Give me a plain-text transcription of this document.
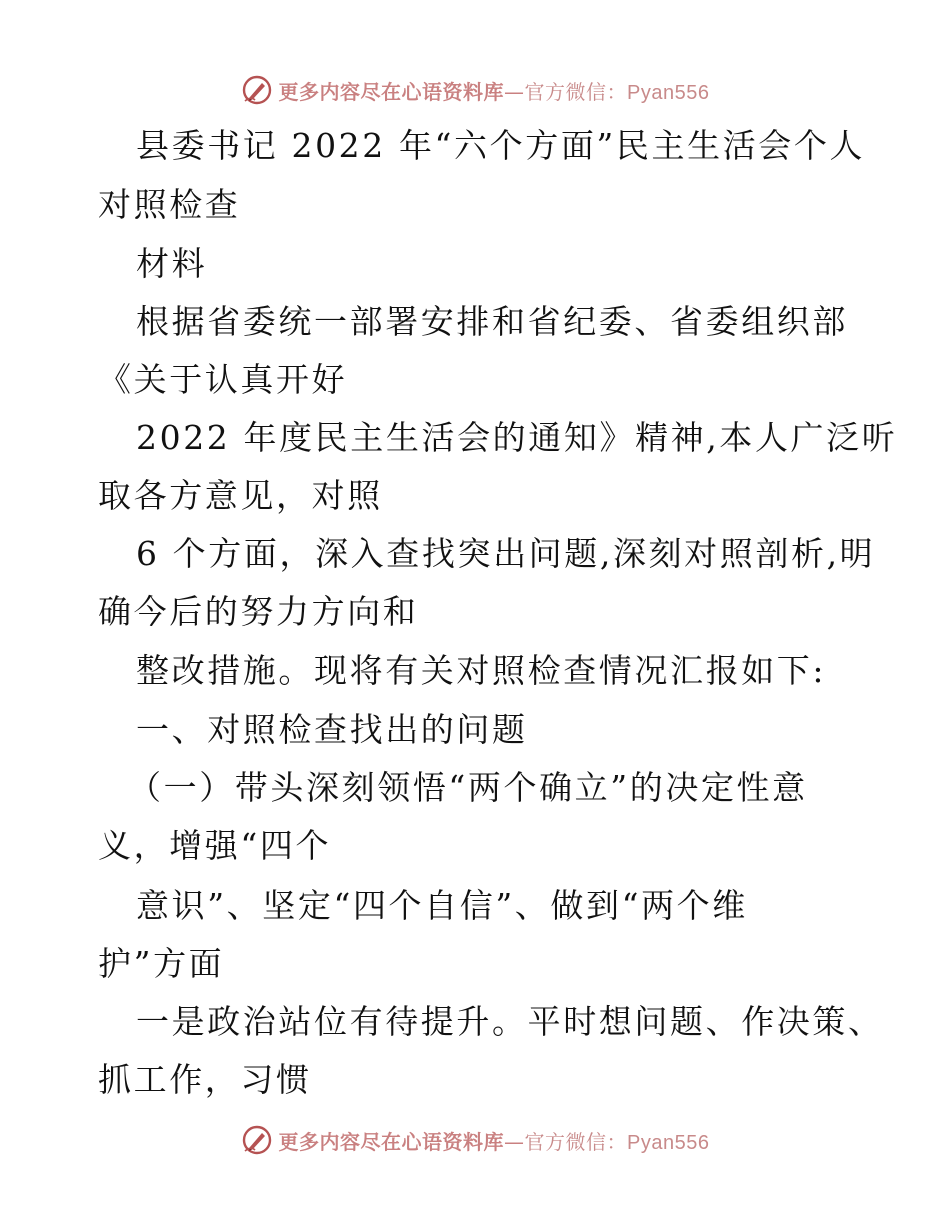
更多内容尽在心语资料库—官方微信：Pyan556
县委书记 2022 年“六个方面”民主生活会个人
对照检查
材料
根据省委统一部署安排和省纪委、省委组织部
《关于认真开好
2022 年度民主生活会的通知》精神,本人广泛听
取各方意见，对照
6 个方面，深入查找突出问题,深刻对照剖析,明
确今后的努力方向和
整改措施。现将有关对照检查情况汇报如下:
一、对照检查找出的问题
（一）带头深刻领悟“两个确立”的决定性意
义，增强“四个
意识”、坚定“四个自信”、做到“两个维
护”方面
一是政治站位有待提升。平时想问题、作决策、
抓工作，习惯
更多内容尽在心语资料库—官方微信：Pyan556
